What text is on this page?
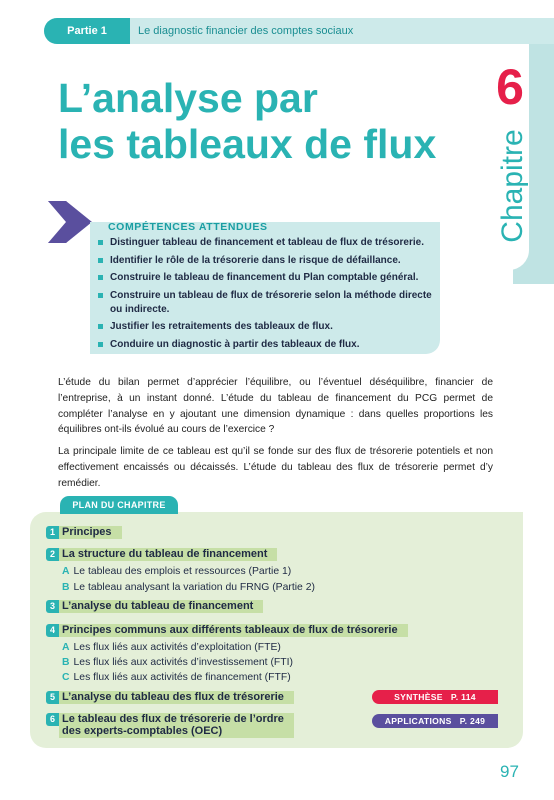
Partie 1	Le diagnostic financier des comptes sociaux
6
Chapitre
L’analyse par
les tableaux de flux
COMPÉTENCES ATTENDUES
Distinguer tableau de financement et tableau de flux de trésorerie.
Identifier le rôle de la trésorerie dans le risque de défaillance.
Construire le tableau de financement du Plan comptable général.
Construire un tableau de flux de trésorerie selon la méthode directe ou indirecte.
Justifier les retraitements des tableaux de flux.
Conduire un diagnostic à partir des tableaux de flux.

L’étude du bilan permet d’apprécier l’équilibre, ou l’éventuel déséquilibre, financier de l’entreprise, à un instant donné. L’étude du tableau de financement du PCG permet de compléter l’analyse en y ajoutant une dimension dynamique : dans quelles proportions les équilibres ont-ils évolué au cours de l’exercice ?

La principale limite de ce tableau est qu’il se fonde sur des flux de trésorerie potentiels et non effectivement encaissés ou décaissés. L’étude du tableau des flux de trésorerie permet d’y remédier.

PLAN DU CHAPITRE
1 Principes
2 La structure du tableau de financement
A Le tableau des emplois et ressources (Partie 1)
B Le tableau analysant la variation du FRNG (Partie 2)
3 L’analyse du tableau de financement
4 Principes communs aux différents tableaux de flux de trésorerie
A Les flux liés aux activités d’exploitation (FTE)
B Les flux liés aux activités d’investissement (FTI)
C Les flux liés aux activités de financement (FTF)
5 L’analyse du tableau des flux de trésorerie
6 Le tableau des flux de trésorerie de l’ordre
des experts-comptables (OEC)
SYNTHÈSE P. 114
APPLICATIONS P. 249
97
